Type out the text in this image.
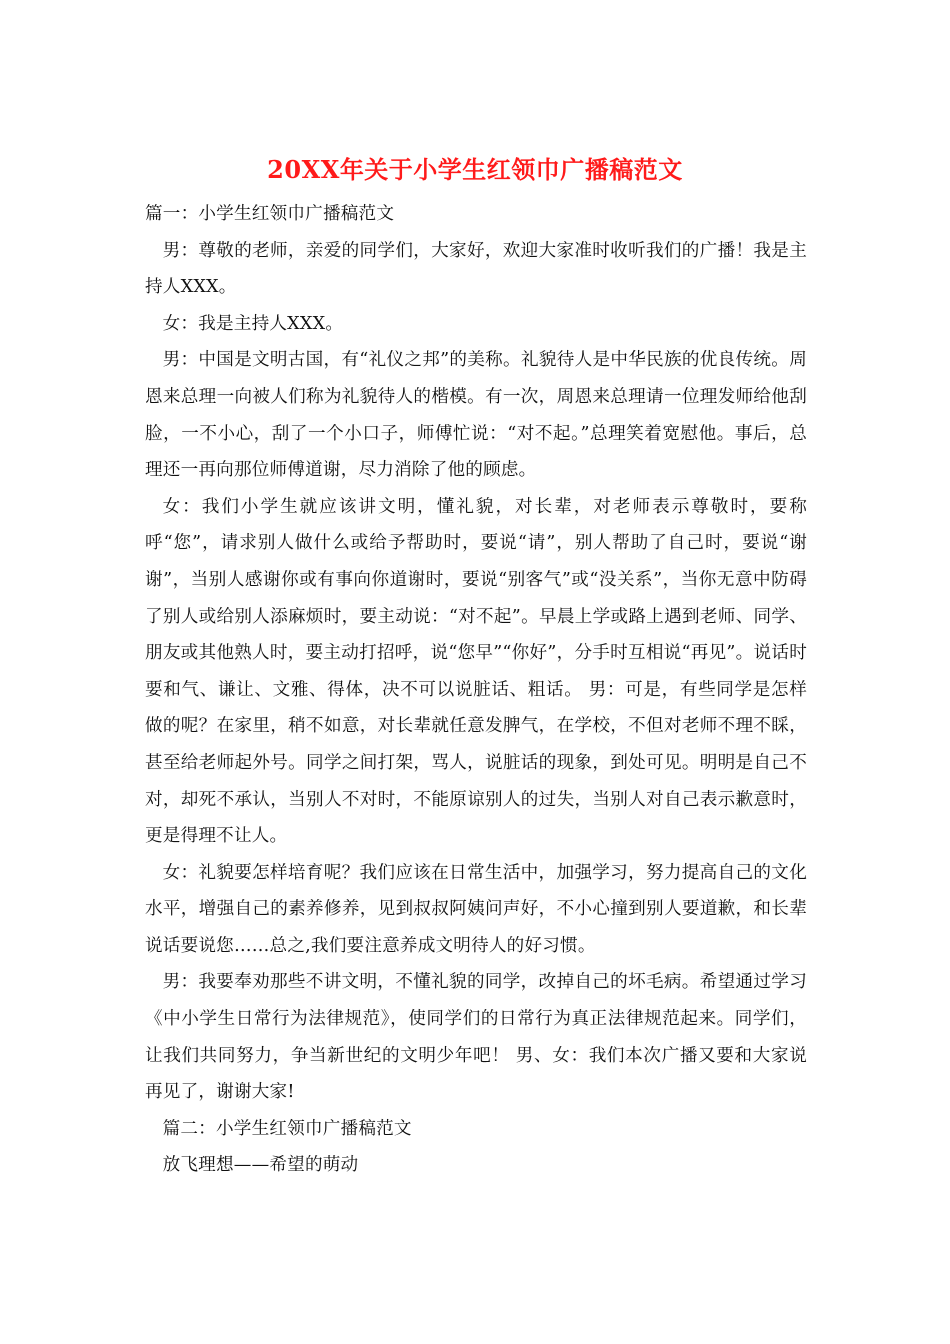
20XX年关于小学生红领巾广播稿范文

篇一：小学生红领巾广播稿范文

男：尊敬的老师，亲爱的同学们，大家好，欢迎大家准时收听我们的广播！我是主持人XXX。

女：我是主持人XXX。

男：中国是文明古国，有“礼仪之邦”的美称。礼貌待人是中华民族的优良传统。周恩来总理一向被人们称为礼貌待人的楷模。有一次，周恩来总理请一位理发师给他刮脸，一不小心，刮了一个小口子，师傅忙说：“对不起。”总理笑着宽慰他。事后，总理还一再向那位师傅道谢，尽力消除了他的顾虑。

女：我们小学生就应该讲文明，懂礼貌，对长辈，对老师表示尊敬时，要称呼“您”，请求别人做什么或给予帮助时，要说“请”，别人帮助了自己时，要说“谢谢”，当别人感谢你或有事向你道谢时，要说“别客气”或“没关系”，当你无意中防碍了别人或给别人添麻烦时，要主动说：“对不起”。早晨上学或路上遇到老师、同学、朋友或其他熟人时，要主动打招呼，说“您早”“你好”，分手时互相说“再见”。说话时要和气、谦让、文雅、得体，决不可以说脏话、粗话。 男：可是，有些同学是怎样做的呢？在家里，稍不如意，对长辈就任意发脾气，在学校，不但对老师不理不睬，甚至给老师起外号。同学之间打架，骂人，说脏话的现象，到处可见。明明是自己不对，却死不承认，当别人不对时，不能原谅别人的过失，当别人对自己表示歉意时，更是得理不让人。

女：礼貌要怎样培育呢？我们应该在日常生活中，加强学习，努力提高自己的文化水平，增强自己的素养修养，见到叔叔阿姨问声好，不小心撞到别人要道歉，和长辈说话要说您……总之,我们要注意养成文明待人的好习惯。

男：我要奉劝那些不讲文明，不懂礼貌的同学，改掉自己的坏毛病。希望通过学习《中小学生日常行为法律规范》，使同学们的日常行为真正法律规范起来。同学们，让我们共同努力，争当新世纪的文明少年吧！ 男、女：我们本次广播又要和大家说再见了，谢谢大家!

篇二：小学生红领巾广播稿范文

放飞理想——希望的萌动
